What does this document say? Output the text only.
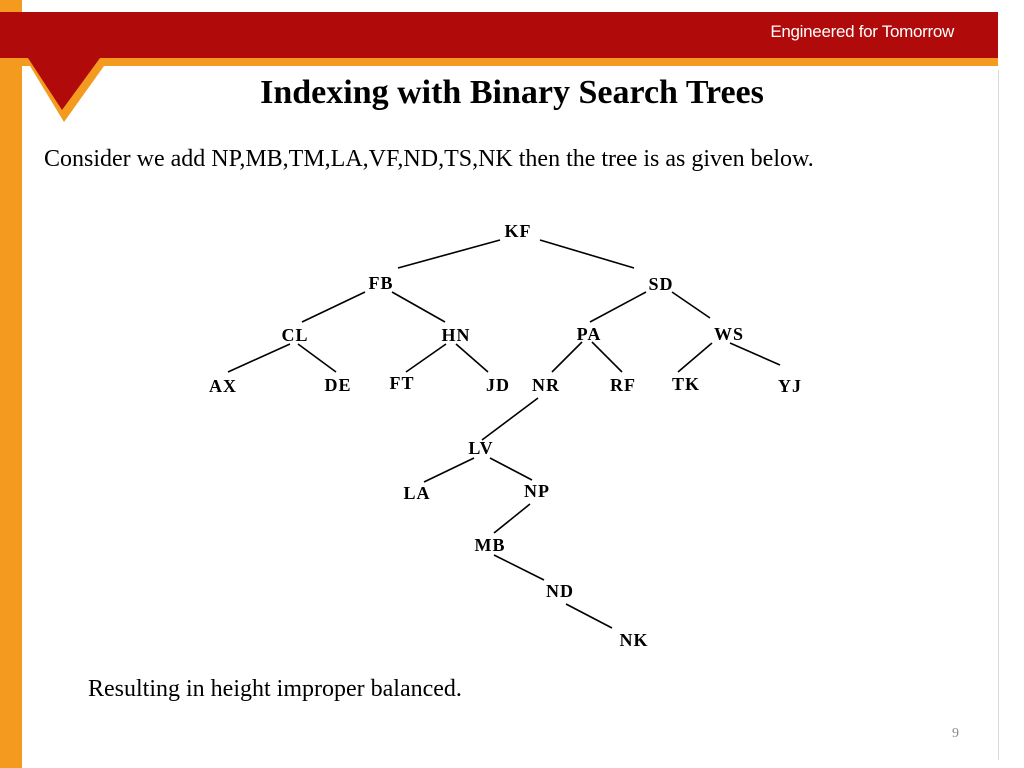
Engineered for Tomorrow
Indexing with Binary Search Trees
Consider we add NP,MB,TM,LA,VF,ND,TS,NK then the tree is as given below.
KF
FB	SD
CL	HN	PA	WS
AX	DE FT	JD NR	RF TK	YJ
LV
LA	NP
MB
ND
NK
Resulting in height improper balanced.
9
